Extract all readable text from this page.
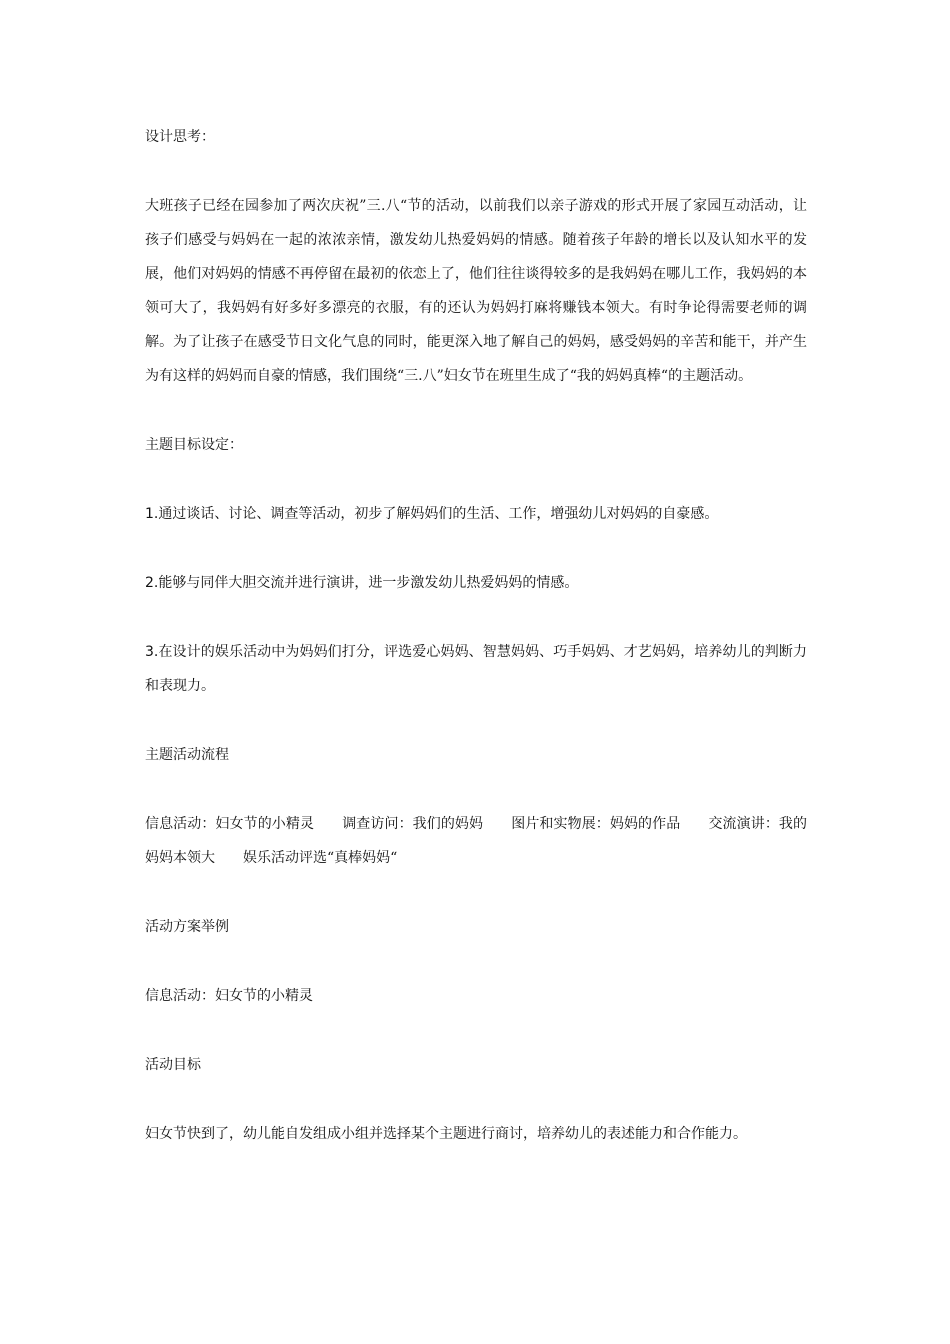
设计思考：

大班孩子已经在园参加了两次庆祝”三.八“节的活动，以前我们以亲子游戏的形式开展了家园互动活动，让孩子们感受与妈妈在一起的浓浓亲情，激发幼儿热爱妈妈的情感。随着孩子年龄的增长以及认知水平的发展，他们对妈妈的情感不再停留在最初的依恋上了，他们往往谈得较多的是我妈妈在哪儿工作，我妈妈的本领可大了，我妈妈有好多好多漂亮的衣服，有的还认为妈妈打麻将赚钱本领大。有时争论得需要老师的调解。为了让孩子在感受节日文化气息的同时，能更深入地了解自己的妈妈，感受妈妈的辛苦和能干，并产生为有这样的妈妈而自豪的情感，我们围绕“三.八”妇女节在班里生成了“我的妈妈真棒“的主题活动。

主题目标设定：

1.通过谈话、讨论、调查等活动，初步了解妈妈们的生活、工作，增强幼儿对妈妈的自豪感。

2.能够与同伴大胆交流并进行演讲，进一步激发幼儿热爱妈妈的情感。

3.在设计的娱乐活动中为妈妈们打分，评选爱心妈妈、智慧妈妈、巧手妈妈、才艺妈妈，培养幼儿的判断力和表现力。

主题活动流程

信息活动：妇女节的小精灵　　调查访问：我们的妈妈　　图片和实物展：妈妈的作品　　交流演讲：我的妈妈本领大　　娱乐活动评选“真棒妈妈“

活动方案举例

信息活动：妇女节的小精灵

活动目标

妇女节快到了，幼儿能自发组成小组并选择某个主题进行商讨，培养幼儿的表述能力和合作能力。
